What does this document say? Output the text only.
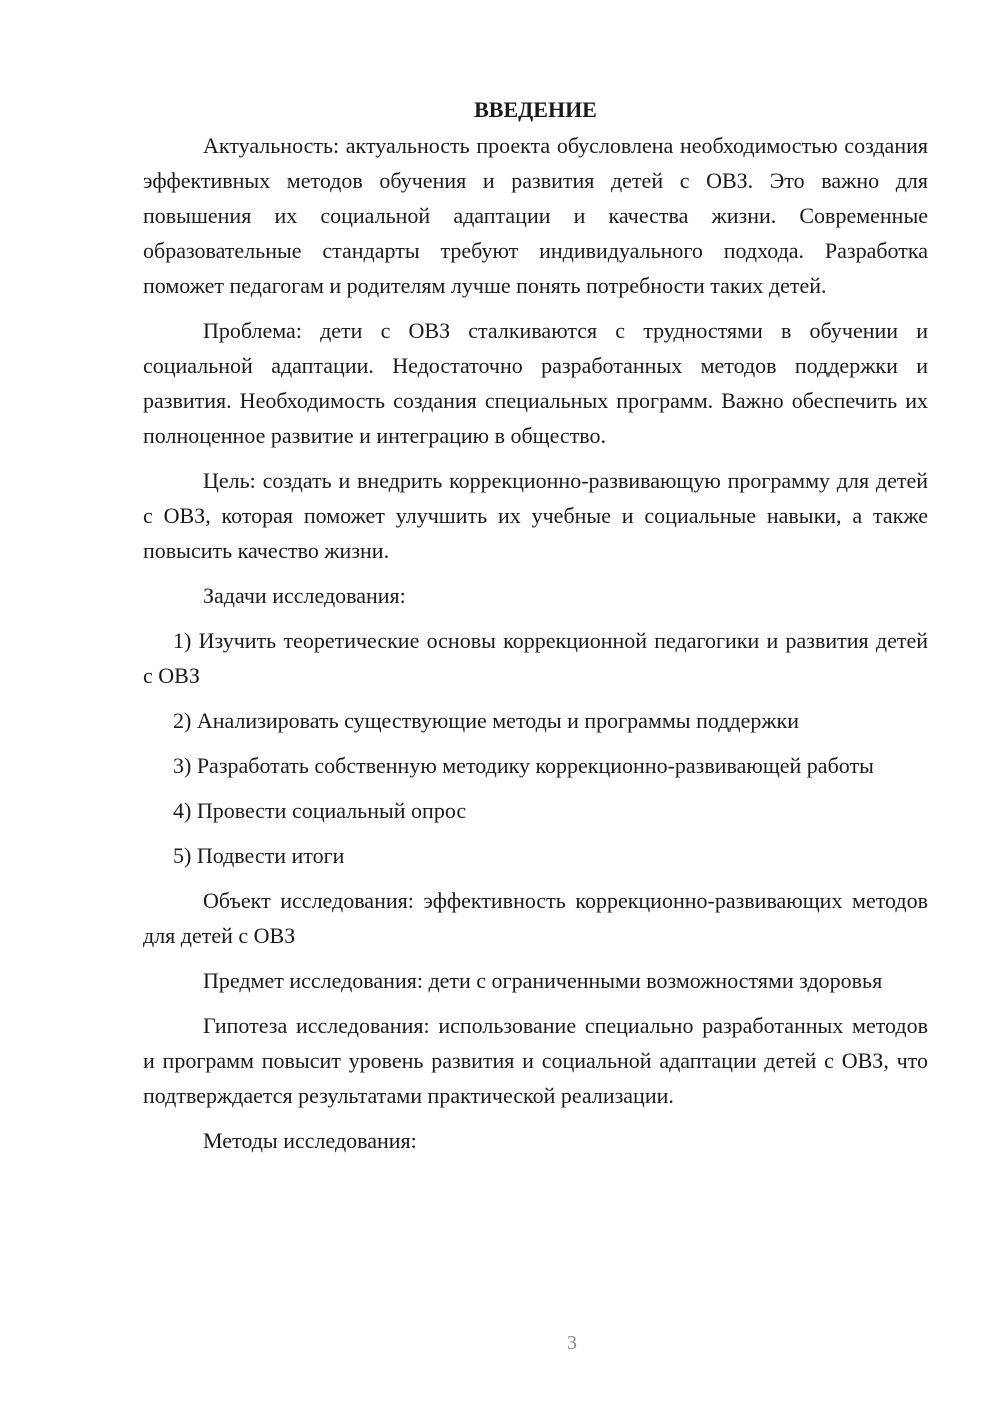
ВВЕДЕНИЕ

Актуальность: актуальность проекта обусловлена необходимостью создания эффективных методов обучения и развития детей с ОВЗ. Это важно для повышения их социальной адаптации и качества жизни. Современные образовательные стандарты требуют индивидуального подхода. Разработка поможет педагогам и родителям лучше понять потребности таких детей.

Проблема: дети с ОВЗ сталкиваются с трудностями в обучении и социальной адаптации. Недостаточно разработанных методов поддержки и развития. Необходимость создания специальных программ. Важно обеспечить их полноценное развитие и интеграцию в общество.

Цель: создать и внедрить коррекционно-развивающую программу для детей с ОВЗ, которая поможет улучшить их учебные и социальные навыки, а также повысить качество жизни.

Задачи исследования:

1) Изучить теоретические основы коррекционной педагогики и развития детей с ОВЗ

2) Анализировать существующие методы и программы поддержки

3) Разработать собственную методику коррекционно-развивающей работы

4) Провести социальный опрос

5) Подвести итоги

Объект исследования: эффективность коррекционно-развивающих методов для детей с ОВЗ

Предмет исследования: дети с ограниченными возможностями здоровья

Гипотеза исследования: использование специально разработанных методов и программ повысит уровень развития и социальной адаптации детей с ОВЗ, что подтверждается результатами практической реализации.

Методы исследования:

3
